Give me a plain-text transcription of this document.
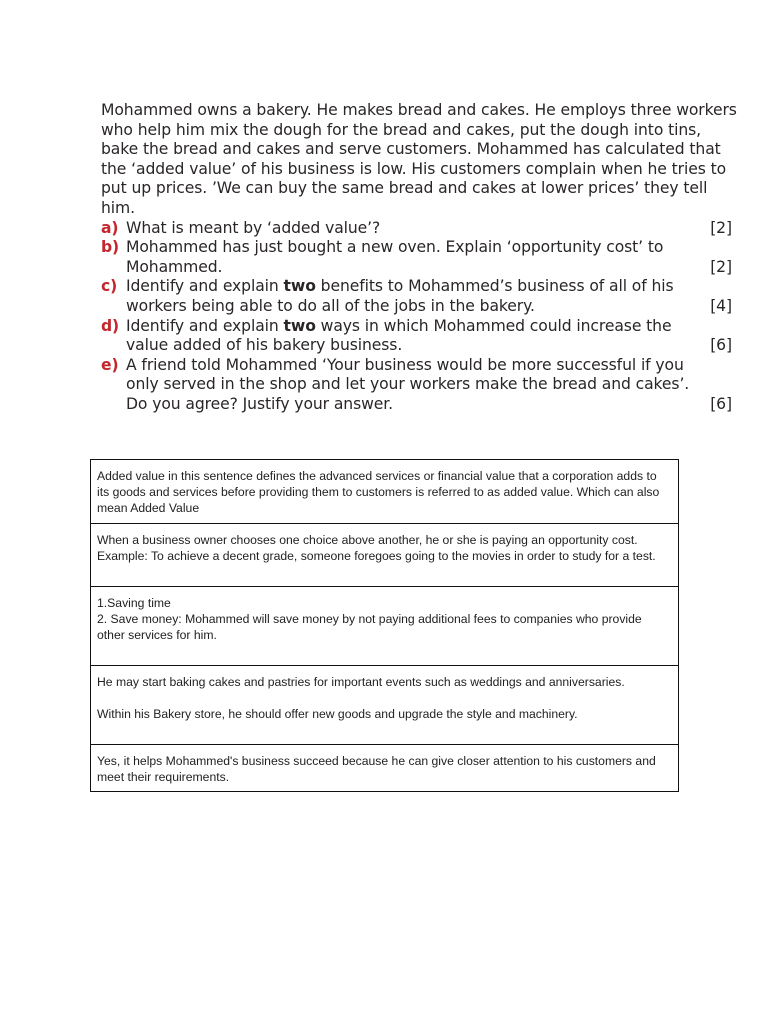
Mohammed owns a bakery. He makes bread and cakes. He employs three workers who help him mix the dough for the bread and cakes, put the dough into tins, bake the bread and cakes and serve customers. Mohammed has calculated that the ‘added value’ of his business is low. His customers complain when he tries to put up prices. ’We can buy the same bread and cakes at lower prices’ they tell him.

a) What is meant by ‘added value’?	[2]
b) Mohammed has just bought a new oven. Explain ‘opportunity cost’ to Mohammed.	[2]
c) Identify and explain two benefits to Mohammed’s business of all of his workers being able to do all of the jobs in the bakery.	[4]
d) Identify and explain two ways in which Mohammed could increase the value added of his bakery business.	[6]
e) A friend told Mohammed ‘Your business would be more successful if you only served in the shop and let your workers make the bread and cakes’. Do you agree? Justify your answer.	[6]
Added value in this sentence defines the advanced services or financial value that a corporation adds to its goods and services before providing them to customers is referred to as added value. Which can also mean Added Value

When a business owner chooses one choice above another, he or she is paying an opportunity cost. Example: To achieve a decent grade, someone foregoes going to the movies in order to study for a test.

1.Saving time
2. Save money: Mohammed will save money by not paying additional fees to companies who provide other services for him.

He may start baking cakes and pastries for important events such as weddings and anniversaries.
Within his Bakery store, he should offer new goods and upgrade the style and machinery.

Yes, it helps Mohammed's business succeed because he can give closer attention to his customers and meet their requirements.
